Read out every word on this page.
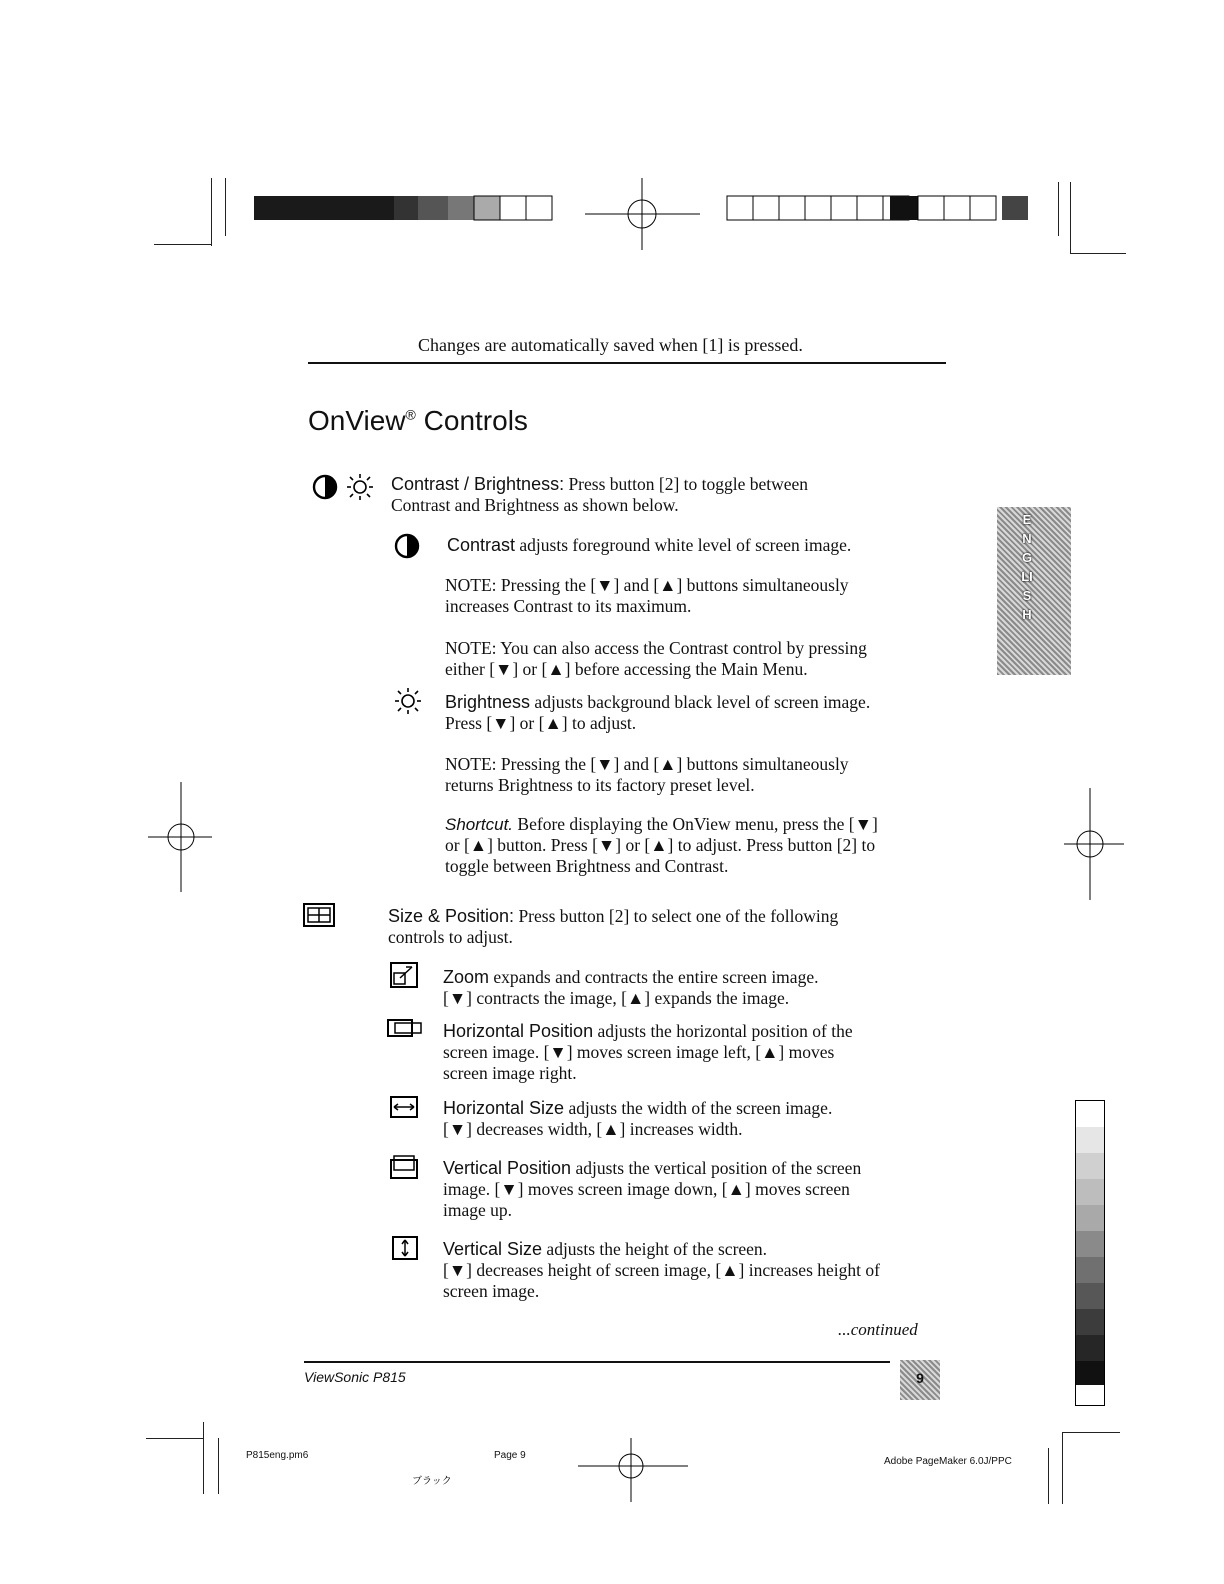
ENGLISH
Changes are automatically saved when [1] is pressed.
OnView® Controls
Contrast / Brightness: Press button [2] to toggle between
Contrast and Brightness as shown below.
Contrast adjusts foreground white level of screen image.
NOTE: Pressing the [▼] and [▲] buttons simultaneously
increases Contrast to its maximum.
NOTE: You can also access the Contrast control by pressing
either [▼] or [▲] before accessing the Main Menu.
Brightness adjusts background black level of screen image.
Press [▼] or [▲] to adjust.
NOTE: Pressing the [▼] and [▲] buttons simultaneously
returns Brightness to its factory preset level.
Shortcut. Before displaying the OnView menu, press the [▼]
or [▲] button. Press [▼] or [▲] to adjust. Press button [2] to
toggle between Brightness and Contrast.
Size & Position: Press button [2] to select one of the following
controls to adjust.
Zoom expands and contracts the entire screen image.
[▼] contracts the image, [▲] expands the image.
Horizontal Position adjusts the horizontal position of the
screen image. [▼] moves screen image left, [▲] moves
screen image right.
Horizontal Size adjusts the width of the screen image.
[▼] decreases width, [▲] increases width.
Vertical Position adjusts the vertical position of the screen
image. [▼] moves screen image down, [▲] moves screen
image up.
Vertical Size adjusts the height of the screen.
[▼] decreases height of screen image, [▲] increases height of
screen image.
...continued
ViewSonic P815	9
P815eng.pm6	Page 9
ブラック
Adobe PageMaker 6.0J/PPC
